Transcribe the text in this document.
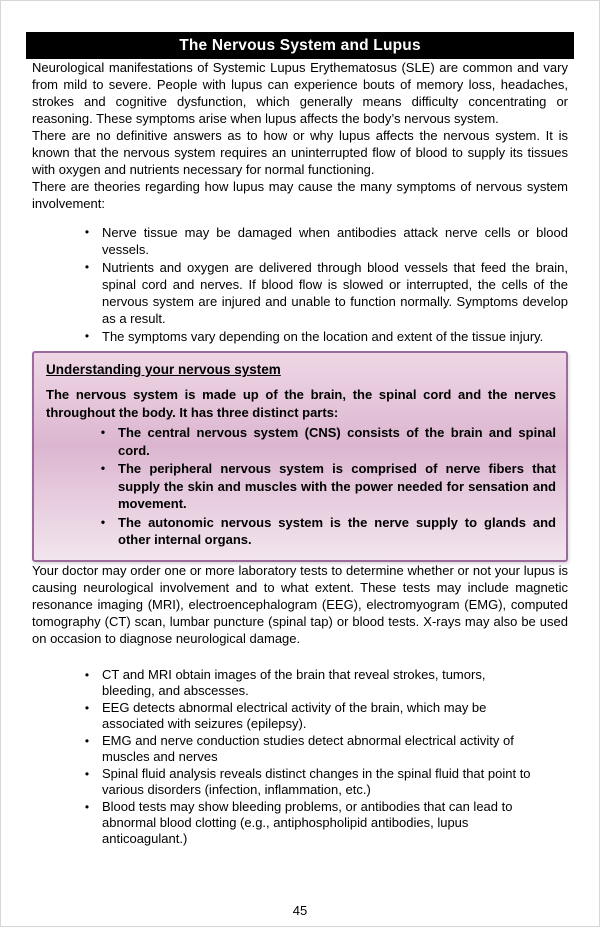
The Nervous System and Lupus

Neurological manifestations of Systemic Lupus Erythematosus (SLE) are common and vary from mild to severe. People with lupus can experience bouts of memory loss, headaches, strokes and cognitive dysfunction, which generally means difficulty concentrating or reasoning. These symptoms arise when lupus affects the body’s nervous system.

There are no definitive answers as to how or why lupus affects the nervous system. It is known that the nervous system requires an uninterrupted flow of blood to supply its tissues with oxygen and nutrients necessary for normal functioning.

There are theories regarding how lupus may cause the many symptoms of nervous system involvement:

• Nerve tissue may be damaged when antibodies attack nerve cells or blood vessels.
• Nutrients and oxygen are delivered through blood vessels that feed the brain, spinal cord and nerves. If blood flow is slowed or interrupted, the cells of the nervous system are injured and unable to function normally. Symptoms develop as a result.
• The symptoms vary depending on the location and extent of the tissue injury.
Understanding your nervous system
The nervous system is made up of the brain, the spinal cord and the nerves throughout the body. It has three distinct parts:
• The central nervous system (CNS) consists of the brain and spinal cord.
• The peripheral nervous system is comprised of nerve fibers that supply the skin and muscles with the power needed for sensation and movement.
• The autonomic nervous system is the nerve supply to glands and other internal organs.

Your doctor may order one or more laboratory tests to determine whether or not your lupus is causing neurological involvement and to what extent. These tests may include magnetic resonance imaging (MRI), electroencephalogram (EEG), electromyogram (EMG), computed tomography (CT) scan, lumbar puncture (spinal tap) or blood tests. X-rays may also be used on occasion to diagnose neurological damage.

• CT and MRI obtain images of the brain that reveal strokes, tumors, bleeding, and abscesses.
• EEG detects abnormal electrical activity of the brain, which may be associated with seizures (epilepsy).
• EMG and nerve conduction studies detect abnormal electrical activity of muscles and nerves
• Spinal fluid analysis reveals distinct changes in the spinal fluid that point to various disorders (infection, inflammation, etc.)
• Blood tests may show bleeding problems, or antibodies that can lead to abnormal blood clotting (e.g., antiphospholipid antibodies, lupus anticoagulant.)
45
